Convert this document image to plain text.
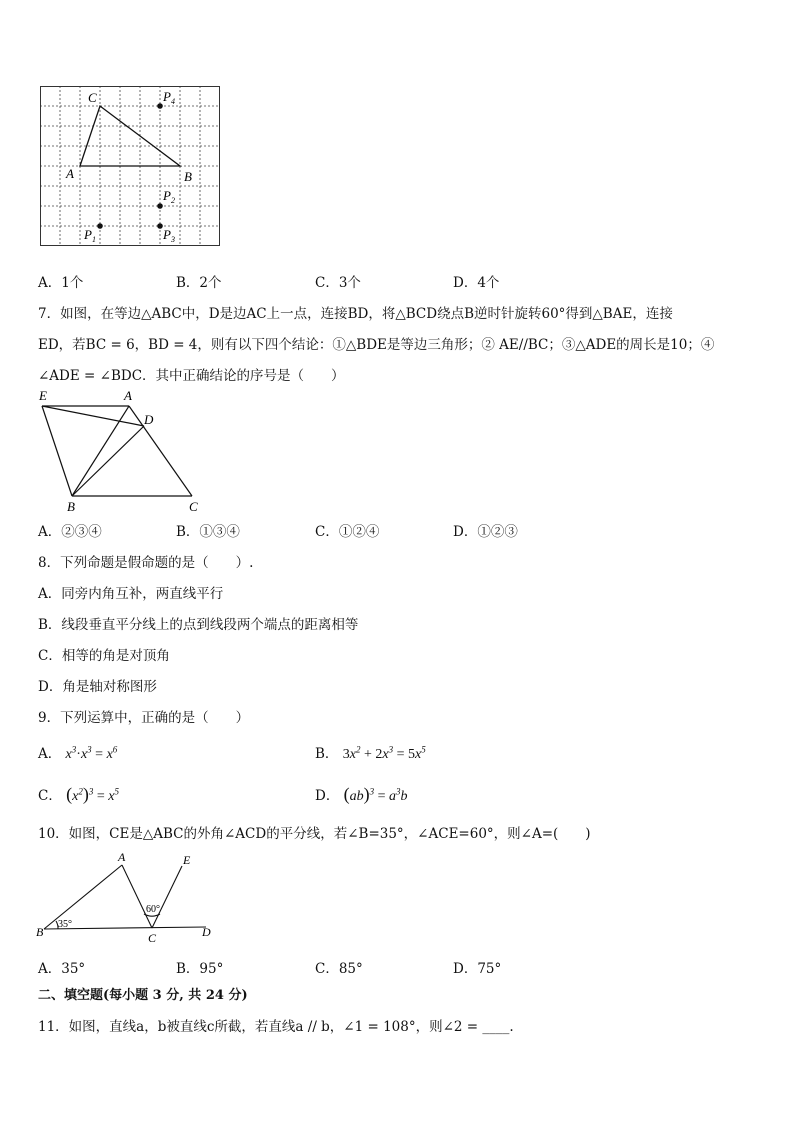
C
A	B
$P_4$
$P_2$
$P_1$	$P_3$
A．1个	B．2个	C．3个	D．4个
7．如图，在等边△ABC中，D是边AC上一点，连接BD，将△BCD绕点B逆时针旋转60°得到△BAE，连接
ED，若BC = 6，BD = 4，则有以下四个结论：①△BDE是等边三角形；② AE//BC；③△ADE的周长是10；④
∠ADE = ∠BDC．其中正确结论的序号是（　　）
E	A
D
B	C
A．②③④	B．①③④	C．①②④	D．①②③
8．下列命题是假命题的是（　　）.
A．同旁内角互补，两直线平行
B．线段垂直平分线上的点到线段两个端点的距离相等
C．相等的角是对顶角
D．角是轴对称图形
9．下列运算中，正确的是（　　）
A． $x^3\cdot x^3 = x^6$	B． $3x^2 + 2x^3 = 5x^5$
C． $(x^2)^3 = x^5$	D． $(ab)^3 = a^3b$
10．如图，CE是△ABC的外角∠ACD的平分线，若∠B=35°，∠ACE=60°，则∠A=(　　)
A	E
B	C	D
35°
60°
A．35°	B．95°	C．85°	D．75°
二、填空题(每小题 3 分, 共 24 分)
11．如图，直线a，b被直线c所截，若直线a // b，∠1 = 108°，则∠2 = ____.
